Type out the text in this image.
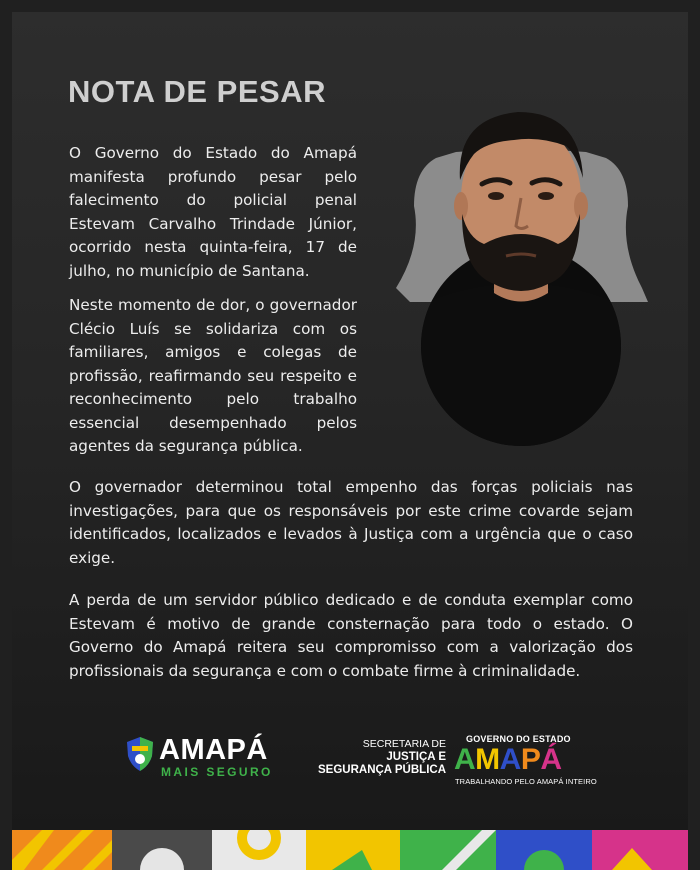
NOTA DE PESAR

O Governo do Estado do Amapá manifesta profundo pesar pelo falecimento do policial penal Estevam Carvalho Trindade Júnior, ocorrido nesta quinta-feira, 17 de julho, no município de Santana.

Neste momento de dor, o governador Clécio Luís se solidariza com os familiares, amigos e colegas de profissão, reafirmando seu respeito e reconhecimento pelo trabalho essencial desempenhado pelos agentes da segurança pública.

O governador determinou total empenho das forças policiais nas investigações, para que os responsáveis por este crime covarde sejam identificados, localizados e levados à Justiça com a urgência que o caso exige.

A perda de um servidor público dedicado e de conduta exemplar como Estevam é motivo de grande consternação para todo o estado. O Governo do Amapá reitera seu compromisso com a valorização dos profissionais da segurança e com o combate firme à criminalidade.

AMAPÁ
MAIS SEGURO
SECRETARIA DE
JUSTIÇA E
SEGURANÇA PÚBLICA
GOVERNO DO ESTADO
AMAPÁ
TRABALHANDO PELO AMAPÁ INTEIRO
